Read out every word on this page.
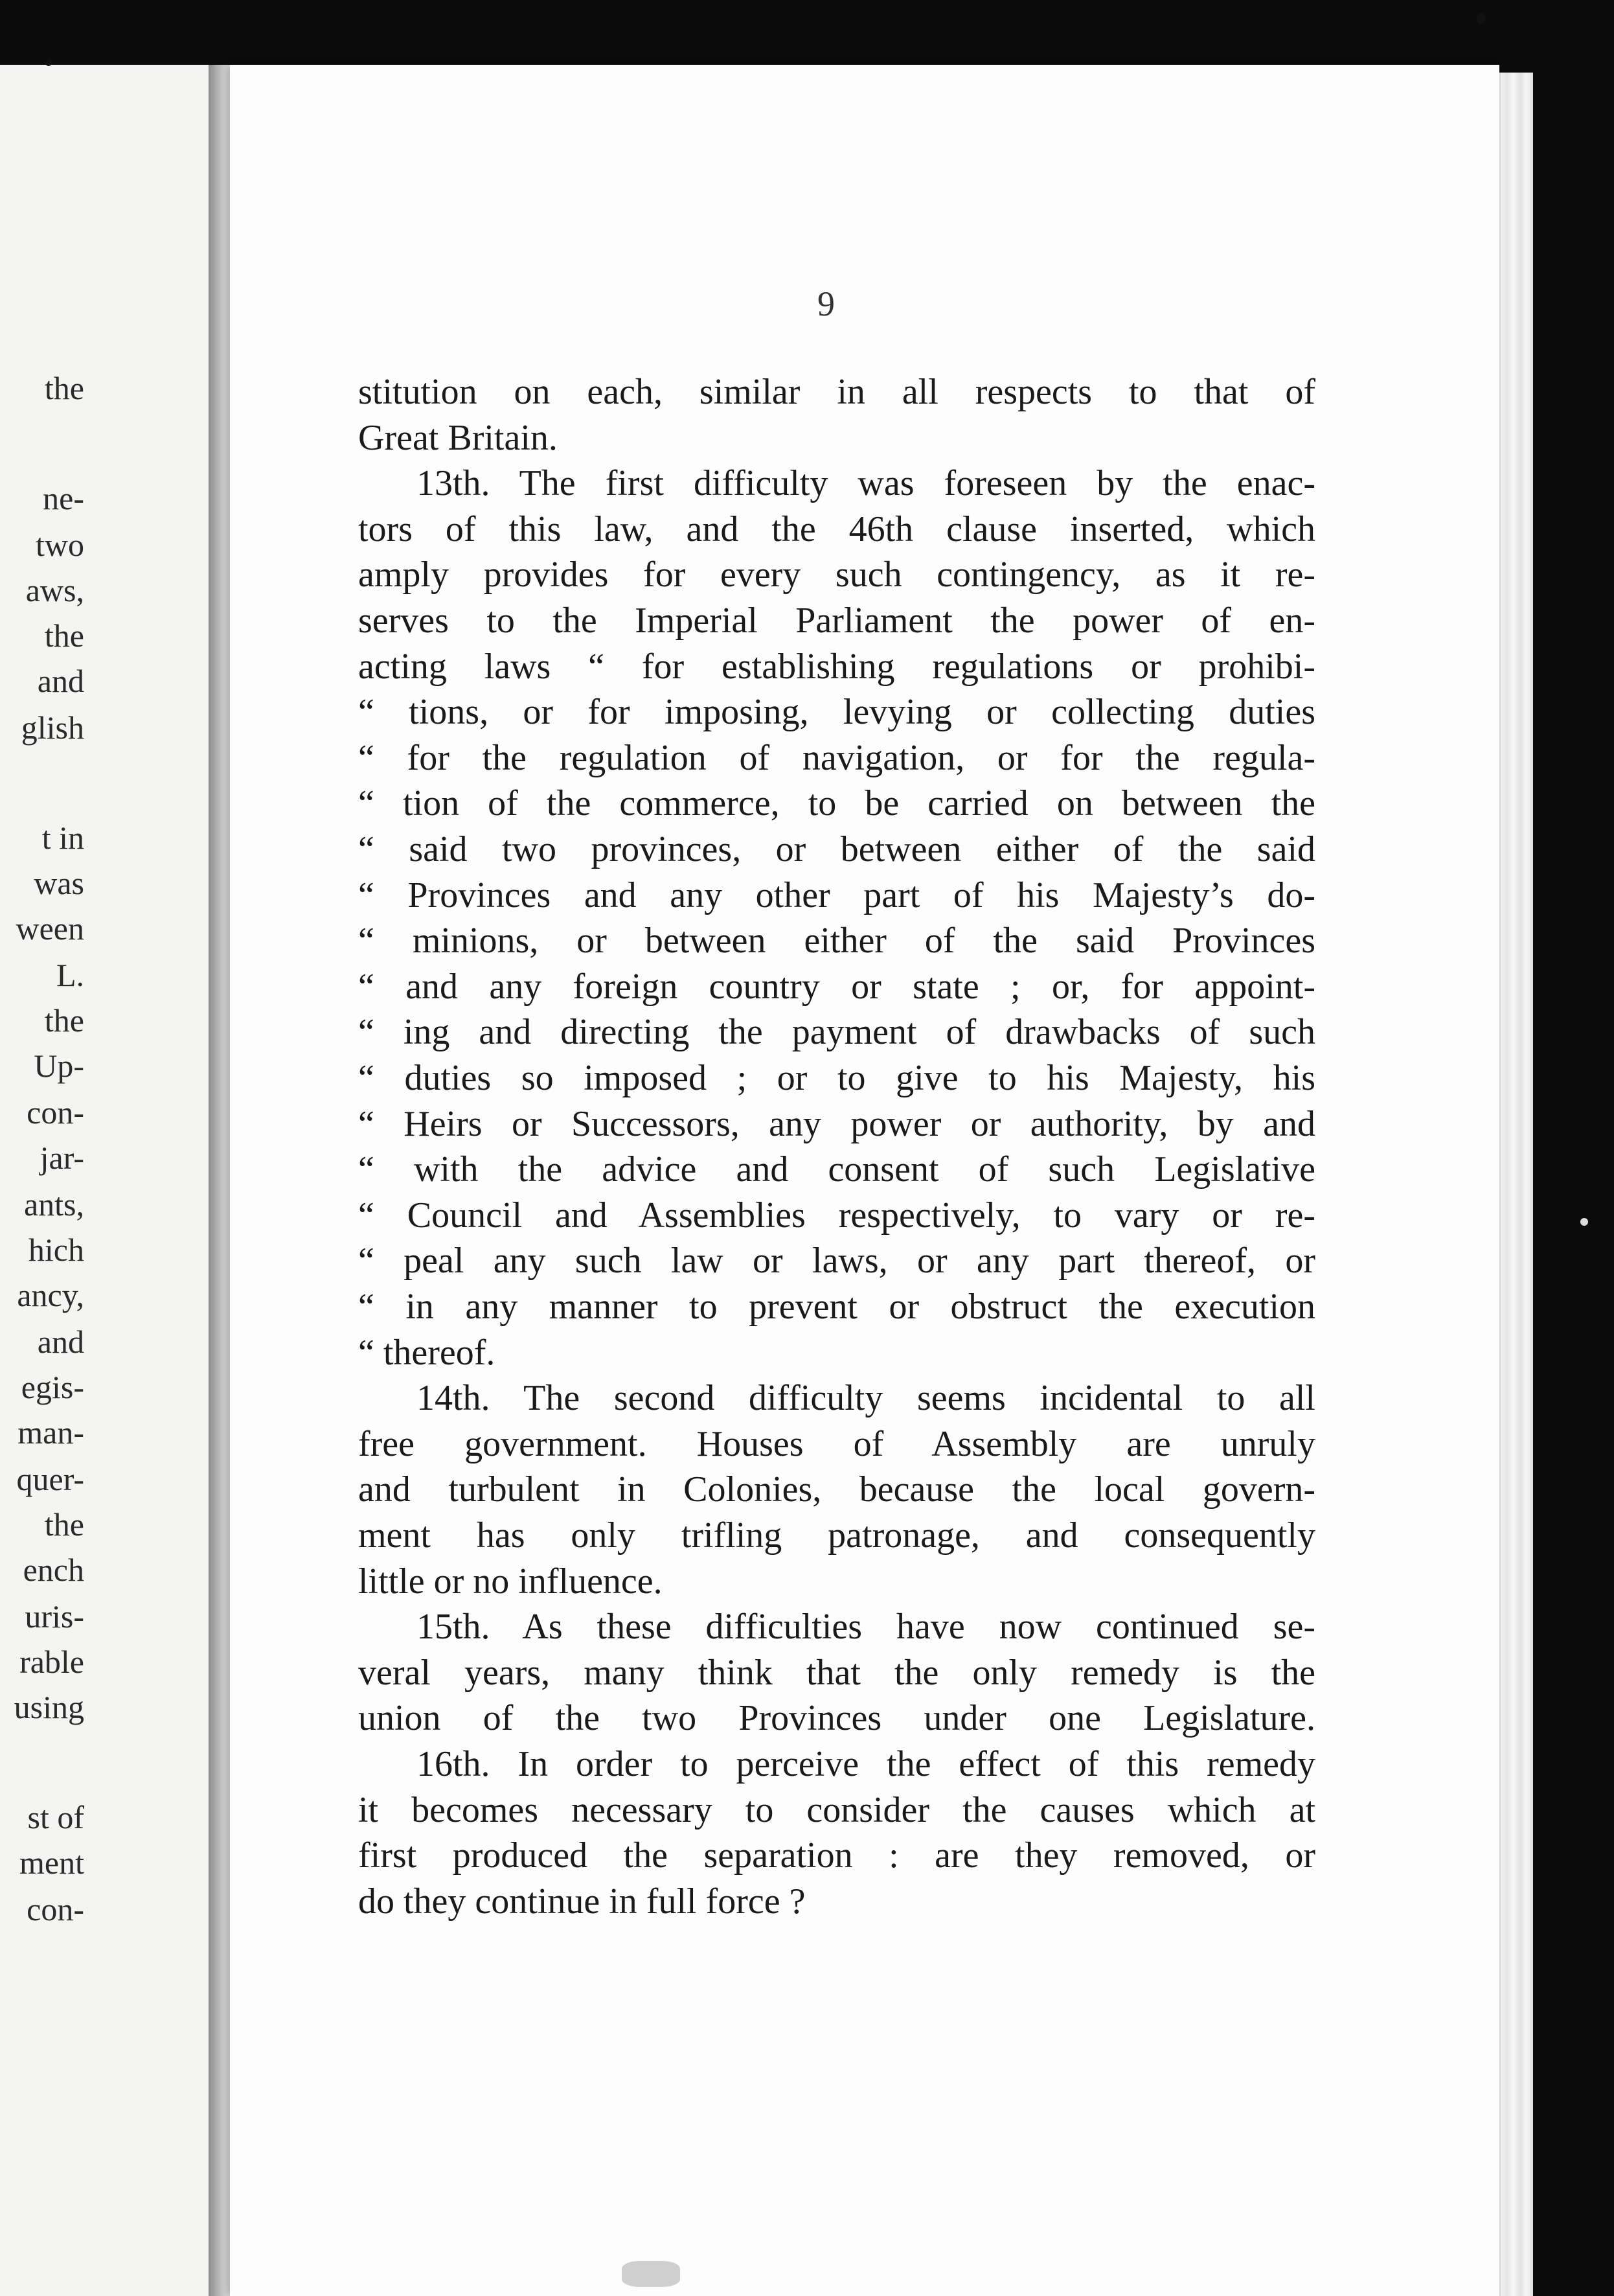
the
ne-
two
aws,
the
and
glish
t in
was
ween
L.
the
Up-
con-
jar-
ants,
hich
ancy,
and
egis-
man-
quer-
the
ench
uris-
rable
using
st of
ment
con-
9
stitution on each, similar in all respects to that of
Great Britain.
13th. The first difficulty was foreseen by the enac-
tors of this law, and the 46th clause inserted, which
amply provides for every such contingency, as it re-
serves to the Imperial Parliament the power of en-
acting laws “ for establishing regulations or prohibi-
“ tions, or for imposing, levying or collecting duties
“ for the regulation of navigation, or for the regula-
“ tion of the commerce, to be carried on between the
“ said two provinces, or between either of the said
“ Provinces and any other part of his Majesty’s do-
“ minions, or between either of the said Provinces
“ and any foreign country or state ; or, for appoint-
“ ing and directing the payment of drawbacks of such
“ duties so imposed ; or to give to his Majesty, his
“ Heirs or Successors, any power or authority, by and
“ with the advice and consent of such Legislative
“ Council and Assemblies respectively, to vary or re-
“ peal any such law or laws, or any part thereof, or
“ in any manner to prevent or obstruct the execution
“ thereof.
14th. The second difficulty seems incidental to all
free government. Houses of Assembly are unruly
and turbulent in Colonies, because the local govern-
ment has only trifling patronage, and consequently
little or no influence.
15th. As these difficulties have now continued se-
veral years, many think that the only remedy is the
union of the two Provinces under one Legislature.
16th. In order to perceive the effect of this remedy
it becomes necessary to consider the causes which at
first produced the separation : are they removed, or
do they continue in full force ?
